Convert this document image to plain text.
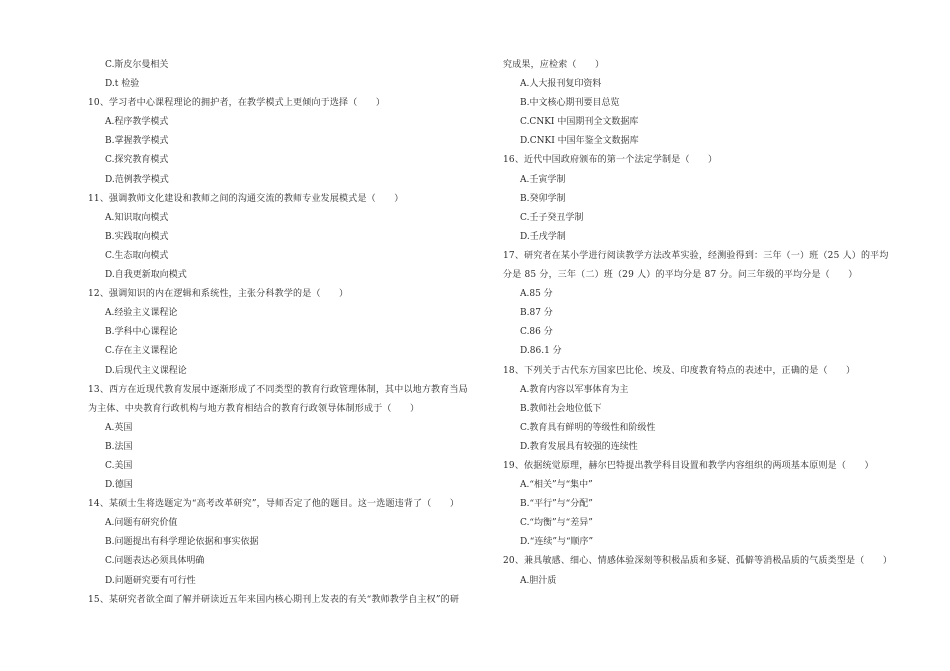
C.斯皮尔曼相关
D.t 检验
10、学习者中心课程理论的拥护者，在教学模式上更倾向于选择（　　）
A.程序教学模式
B.掌握教学模式
C.探究教育模式
D.范例教学模式
11、强调教师文化建设和教师之间的沟通交流的教师专业发展模式是（　　）
A.知识取向模式
B.实践取向模式
C.生态取向模式
D.自我更新取向模式
12、强调知识的内在逻辑和系统性，主张分科教学的是（　　）
A.经验主义课程论
B.学科中心课程论
C.存在主义课程论
D.后现代主义课程论
13、西方在近现代教育发展中逐渐形成了不同类型的教育行政管理体制，其中以地方教育当局
为主体、中央教育行政机构与地方教育相结合的教育行政领导体制形成于（　　）
A.英国
B.法国
C.美国
D.德国
14、某硕士生将选题定为“高考改革研究”，导师否定了他的题目。这一选题违背了（　　）
A.问题有研究价值
B.问题提出有科学理论依据和事实依据
C.问题表达必须具体明确
D.问题研究要有可行性
15、某研究者欲全面了解并研读近五年来国内核心期刊上发表的有关“教师教学自主权”的研
究成果，应检索（　　）
A.人大报刊复印资料
B.中文核心期刊要目总览
C.CNKI 中国期刊全文数据库
D.CNKI 中国年鉴全文数据库
16、近代中国政府颁布的第一个法定学制是（　　）
A.壬寅学制
B.癸卯学制
C.壬子癸丑学制
D.壬戌学制
17、研究者在某小学进行阅读教学方法改革实验，经测验得到：三年（一）班（25 人）的平均
分是 85 分，三年（二）班（29 人）的平均分是 87 分。问三年级的平均分是（　　）
A.85 分
B.87 分
C.86 分
D.86.1 分
18、下列关于古代东方国家巴比伦、埃及、印度教育特点的表述中，正确的是（　　）
A.教育内容以军事体育为主
B.教师社会地位低下
C.教育具有鲜明的等级性和阶级性
D.教育发展具有较强的连续性
19、依据统觉原理，赫尔巴特提出教学科目设置和教学内容组织的两项基本原则是（　　）
A.“相关”与“集中”
B.“平行”与“分配”
C.“均衡”与“差异”
D.“连续”与“顺序”
20、兼具敏感、细心、情感体验深刻等积极品质和多疑、孤僻等消极品质的气质类型是（　　）
A.胆汁质
